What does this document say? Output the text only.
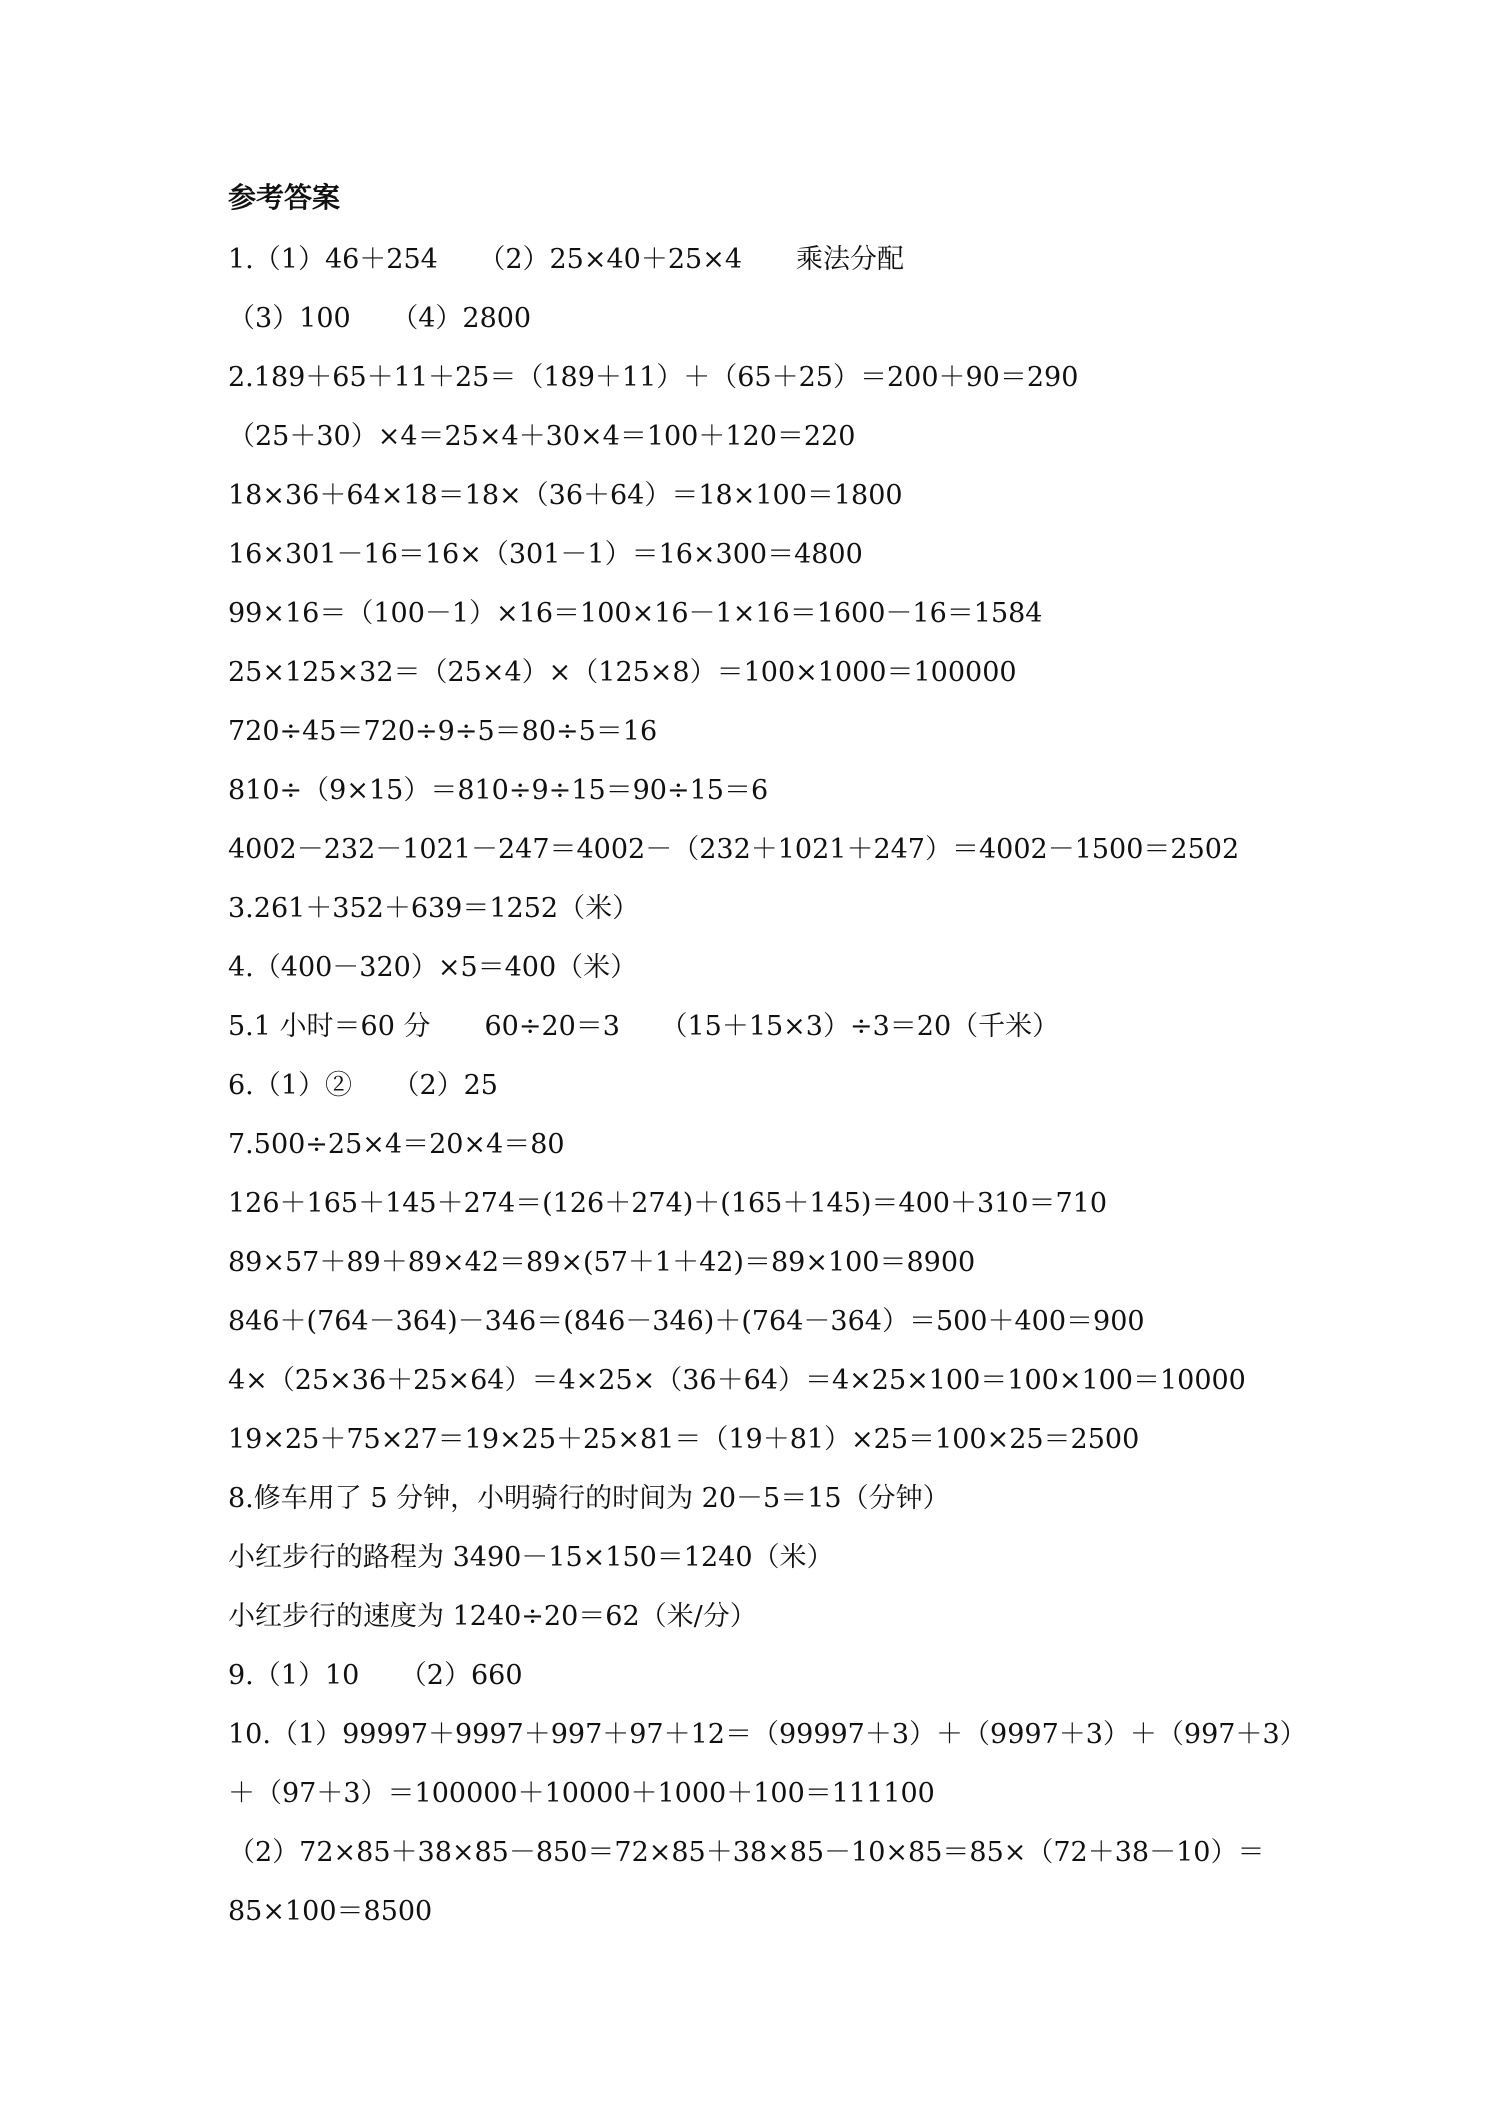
参考答案
1.（1）46＋254　　（2）25×40＋25×4　　乘法分配
（3）100　　（4）2800
2.189＋65＋11＋25＝（189＋11）＋（65＋25）＝200＋90＝290
（25＋30）×4＝25×4＋30×4＝100＋120＝220
18×36＋64×18＝18×（36＋64）＝18×100＝1800
16×301－16＝16×（301－1）＝16×300＝4800
99×16＝（100－1）×16＝100×16－1×16＝1600－16＝1584
25×125×32＝（25×4）×（125×8）＝100×1000＝100000
720÷45＝720÷9÷5＝80÷5＝16
810÷（9×15）＝810÷9÷15＝90÷15＝6
4002－232－1021－247＝4002－（232＋1021＋247）＝4002－1500＝2502
3.261＋352＋639＝1252（米）
4.（400－320）×5＝400（米）
5.1 小时＝60 分　　60÷20＝3　　（15＋15×3）÷3＝20（千米）
6.（1）②　　（2）25
7.500÷25×4＝20×4＝80
126＋165＋145＋274＝(126＋274)＋(165＋145)＝400＋310＝710
89×57＋89＋89×42＝89×(57＋1＋42)＝89×100＝8900
846＋(764－364)－346＝(846－346)＋(764－364）＝500＋400＝900
4×（25×36＋25×64）＝4×25×（36＋64）＝4×25×100＝100×100＝10000
19×25＋75×27＝19×25＋25×81＝（19＋81）×25＝100×25＝2500
8.修车用了 5 分钟，小明骑行的时间为 20－5＝15（分钟）
小红步行的路程为 3490－15×150＝1240（米）
小红步行的速度为 1240÷20＝62（米/分）
9.（1）10　　（2）660
10.（1）99997＋9997＋997＋97＋12＝（99997＋3）＋（9997＋3）＋（997＋3）
＋（97＋3）＝100000＋10000＋1000＋100＝111100
（2）72×85＋38×85－850＝72×85＋38×85－10×85＝85×（72＋38－10）＝
85×100＝8500
